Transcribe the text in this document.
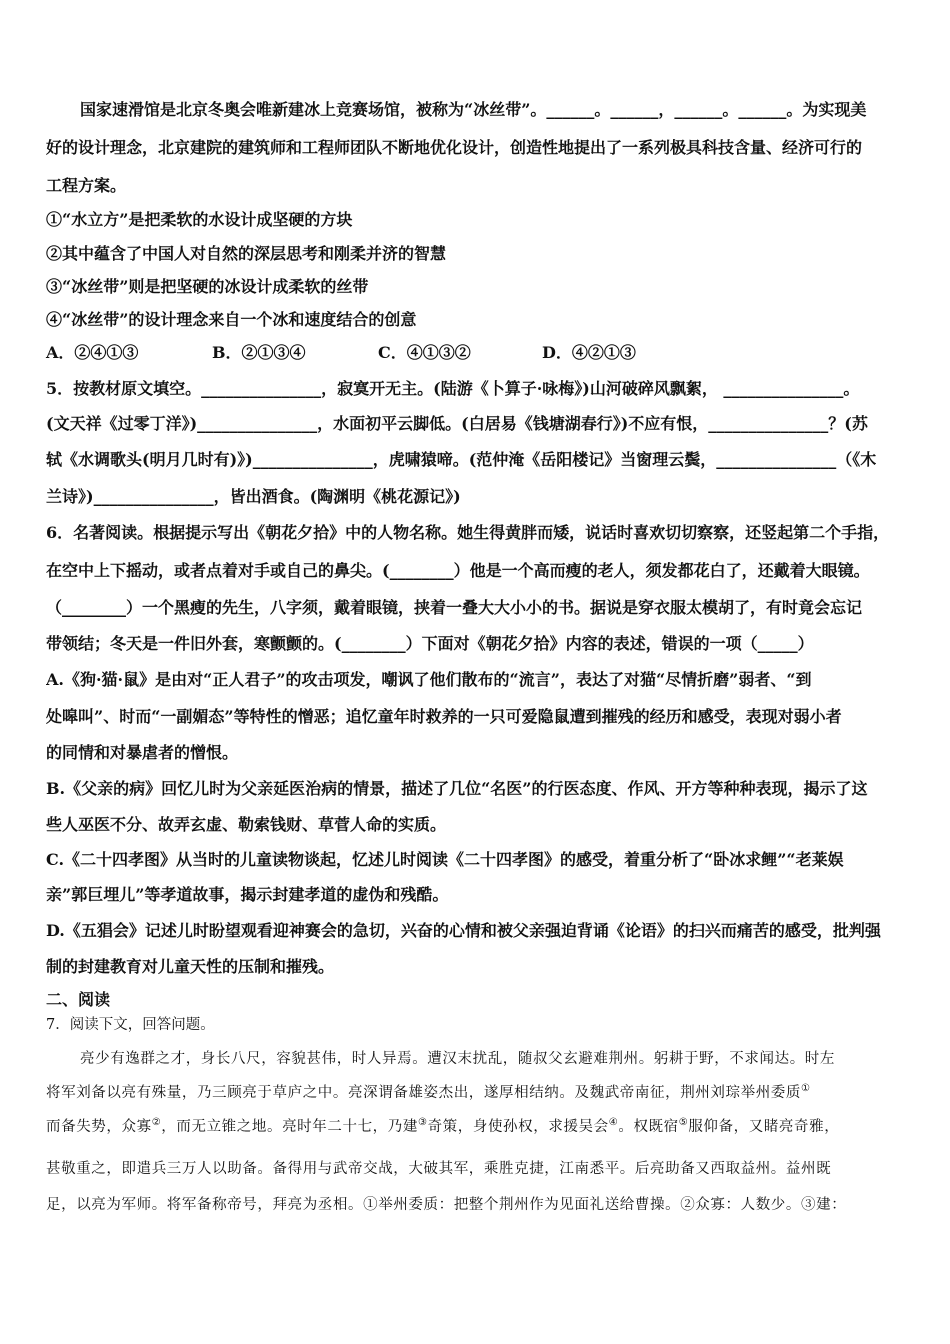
国家速滑馆是北京冬奥会唯新建冰上竞赛场馆，被称为“冰丝带”。______。______，______。______。为实现美
好的设计理念，北京建院的建筑师和工程师团队不断地优化设计，创造性地提出了一系列极具科技含量、经济可行的
工程方案。
①“水立方”是把柔软的水设计成坚硬的方块
②其中蕴含了中国人对自然的深层思考和刚柔并济的智慧
③“冰丝带”则是把坚硬的冰设计成柔软的丝带
④“冰丝带”的设计理念来自一个冰和速度结合的创意
A．②④①③	B．②①③④	C．④①③②	D．④②①③
5．按教材原文填空。_______________，寂寞开无主。(陆游《卜算子·咏梅》)山河破碎风飘絮， _______________。
(文天祥《过零丁洋》)_______________，水面初平云脚低。(白居易《钱塘湖春行》)不应有恨，_______________？(苏
轼《水调歌头(明月几时有)》)_______________，虎啸猿啼。(范仲淹《岳阳楼记》当窗理云鬓，_______________（《木
兰诗》)_______________，皆出酒食。(陶渊明《桃花源记》)
6．名著阅读。根据提示写出《朝花夕拾》中的人物名称。她生得黄胖而矮，说话时喜欢切切察察，还竖起第二个手指，
在空中上下摇动，或者点着对手或自己的鼻尖。(________）他是一个高而瘦的老人，须发都花白了，还戴着大眼镜。
（________）一个黑瘦的先生，八字须，戴着眼镜，挟着一叠大大小小的书。据说是穿衣服太模胡了，有时竟会忘记
带领结；冬天是一件旧外套，寒颤颤的。(________）下面对《朝花夕拾》内容的表述，错误的一项（_____）
A.《狗·猫·鼠》是由对“正人君子”的攻击项发，嘲讽了他们散布的“流言”，表达了对猫“尽情折磨”弱者、“到
处嗥叫”、时而“一副媚态”等特性的憎恶；追忆童年时救养的一只可爱隐鼠遭到摧残的经历和感受，表现对弱小者
的同情和对暴虐者的憎恨。
B.《父亲的病》回忆儿时为父亲延医治病的情景，描述了几位“名医”的行医态度、作风、开方等种种表现，揭示了这
些人巫医不分、故弄玄虚、勒索钱财、草菅人命的实质。
C.《二十四孝图》从当时的儿童读物谈起，忆述儿时阅读《二十四孝图》的感受，着重分析了“卧冰求鲤”“老莱娱
亲”郭巨埋儿”等孝道故事，揭示封建孝道的虚伪和残酷。
D.《五猖会》记述儿时盼望观看迎神赛会的急切，兴奋的心情和被父亲强迫背诵《论语》的扫兴而痛苦的感受，批判强
制的封建教育对儿童天性的压制和摧残。
二、阅读
7．阅读下文，回答问题。
亮少有逸群之才，身长八尺，容貌甚伟，时人异焉。遭汉末扰乱，随叔父玄避难荆州。躬耕于野，不求闻达。时左
将军刘备以亮有殊量，乃三顾亮于草庐之中。亮深谓备雄姿杰出，遂厚相结纳。及魏武帝南征，荆州刘琮举州委质①
而备失势，众寡②，而无立锥之地。亮时年二十七，乃建③奇策，身使孙权，求援吴会④。权既宿⑤服仰备，又睹亮奇雅，
甚敬重之，即遣兵三万人以助备。备得用与武帝交战，大破其军，乘胜克捷，江南悉平。后亮助备又西取益州。益州既
足，以亮为军师。将军备称帝号，拜亮为丞相。①举州委质：把整个荆州作为见面礼送给曹操。②众寡：人数少。③建：
